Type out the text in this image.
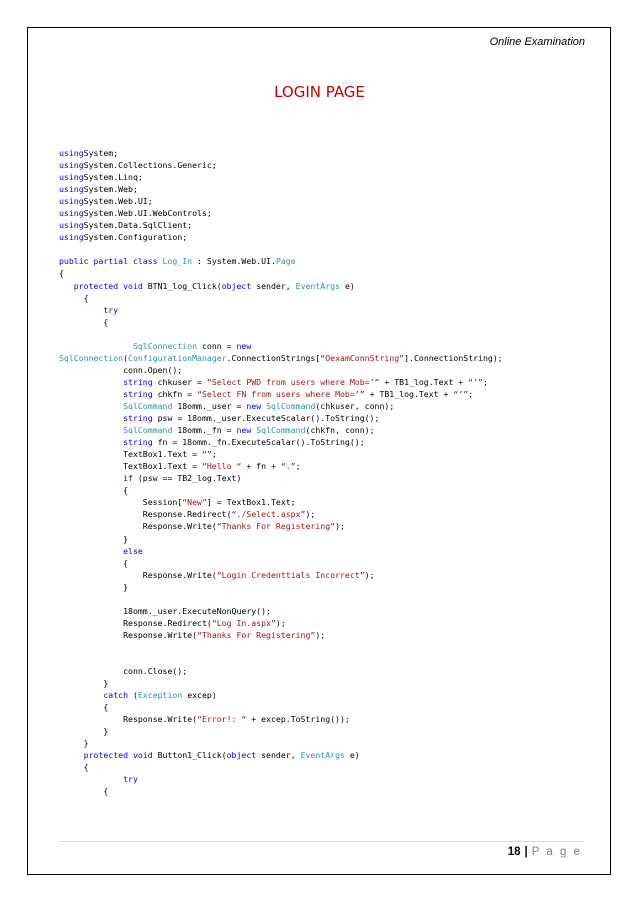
Online Examination
LOGIN PAGE
usingSystem;
usingSystem.Collections.Generic;
usingSystem.Linq;
usingSystem.Web;
usingSystem.Web.UI;
usingSystem.Web.UI.WebControls;
usingSystem.Data.SqlClient;
usingSystem.Configuration;

public partial class Log_In : System.Web.UI.Page
{
protected void BTN1_log_Click(object sender, EventArgs e)
{
try
{

SqlConnection conn = new
SqlConnection(ConfigurationManager.ConnectionStrings[“OexamConnString”].ConnectionString);
conn.Open();
string chkuser = “Select PWD from users where Mob=’” + TB1_log.Text + “’”;
string chkfn = “Select FN from users where Mob=’” + TB1_log.Text + “’”;
SqlCommand 18omm._user = new SqlCommand(chkuser, conn);
string psw = 18omm._user.ExecuteScalar().ToString();
SqlCommand 18omm._fn = new SqlCommand(chkfn, conn);
string fn = 18omm._fn.ExecuteScalar().ToString();
TextBox1.Text = “”;
TextBox1.Text = “Hello “ + fn + “.”;
if (psw == TB2_log.Text)
{
Session[“New”] = TextBox1.Text;
Response.Redirect(“./Select.aspx”);
Response.Write(“Thanks For Registering”);
}
else
{
Response.Write(“Login Credenttials Incorrect”);
}

18omm._user.ExecuteNonQuery();
Response.Redirect(“Log In.aspx”);
Response.Write(“Thanks For Registering”);

conn.Close();
}
catch (Exception excep)
{
Response.Write(“Error!: “ + excep.ToString());
}
}
protected void Button1_Click(object sender, EventArgs e)
{
try
{
18 | P a g e
